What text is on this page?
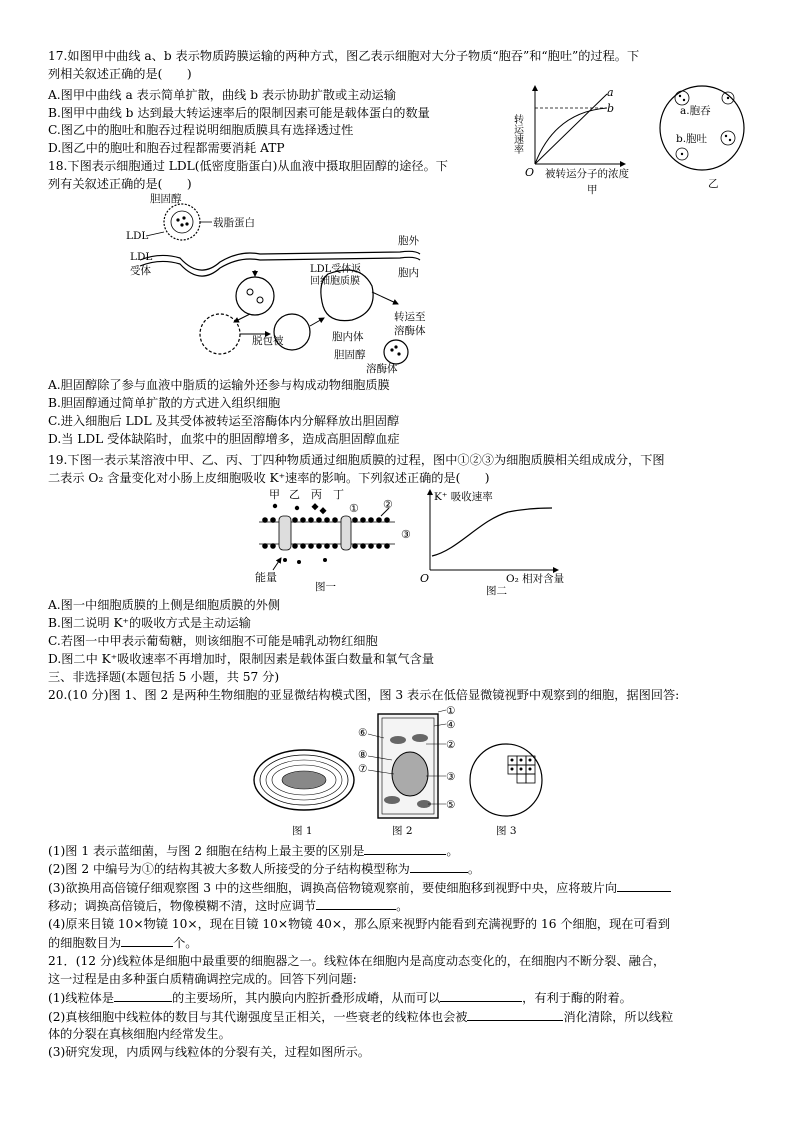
17.如图甲中曲线 a、b 表示物质跨膜运输的两种方式，图乙表示细胞对大分子物质“胞吞”和“胞吐”的过程。下
列相关叙述正确的是(　　)
A.图甲中曲线 a 表示简单扩散，曲线 b 表示协助扩散或主动运输
B.图甲中曲线 b 达到最大转运速率后的限制因素可能是载体蛋白的数量
C.图乙中的胞吐和胞吞过程说明细胞质膜具有选择透过性
D.图乙中的胞吐和胞吞过程都需要消耗 ATP	转运速率
a
b
O 被转运分子的浓度
甲
a.胞吞
b.胞吐
乙
18.下图表示细胞通过 LDL(低密度脂蛋白)从血液中摄取胆固醇的途径。下
列有关叙述正确的是(　　)
胆固醇
载脂蛋白
LDL
LDL
受体
胞外
胞内
脱包被
LDL受体返
回细胞质膜
胞内体
转运至
溶酶体
胆固醇
溶酶体
A.胆固醇除了参与血液中脂质的运输外还参与构成动物细胞质膜
B.胆固醇通过简单扩散的方式进入组织细胞
C.进入细胞后 LDL 及其受体被转运至溶酶体内分解释放出胆固醇
D.当 LDL 受体缺陷时，血浆中的胆固醇增多，造成高胆固醇血症
19.下图一表示某溶液中甲、乙、丙、丁四种物质通过细胞质膜的过程，图中①②③为细胞质膜相关组成成分，下图
二表示 O₂ 含量变化对小肠上皮细胞吸收 K⁺速率的影响。下列叙述正确的是(　　)
甲 乙 丙 丁
① ②
③
能量
图一
K⁺ 吸收速率
O	O₂ 相对含量
图二
A.图一中细胞质膜的上侧是细胞质膜的外侧
B.图二说明 K⁺的吸收方式是主动运输
C.若图一中甲表示葡萄糖，则该细胞不可能是哺乳动物红细胞
D.图二中 K⁺吸收速率不再增加时，限制因素是载体蛋白数量和氧气含量
三、非选择题(本题包括 5 小题，共 57 分)
20.(10 分)图 1、图 2 是两种生物细胞的亚显微结构模式图，图 3 表示在低倍显微镜视野中观察到的细胞，据图回答:
图 1
①
④
⑥
②
⑧
⑦
③
⑤
图 2	图 3
(1)图 1 表示蓝细菌，与图 2 细胞在结构上最主要的区别是	。
(2)图 2 中编号为①的结构其被大多数人所接受的分子结构模型称为	。
(3)欲换用高倍镜仔细观察图 3 中的这些细胞，调换高倍物镜观察前，要使细胞移到视野中央，应将玻片向
移动；调换高倍镜后，物像模糊不清，这时应调节	。
(4)原来目镜 10×物镜 10×，现在目镜 10×物镜 40×，那么原来视野内能看到充满视野的 16 个细胞，现在可看到
的细胞数目为	个。
21．(12 分)线粒体是细胞中最重要的细胞器之一。线粒体在细胞内是高度动态变化的，在细胞内不断分裂、融合，
这一过程是由多种蛋白质精确调控完成的。回答下列问题:
(1)线粒体是	的主要场所，其内膜向内腔折叠形成嵴，从而可以	，有利于酶的附着。
(2)真核细胞中线粒体的数目与其代谢强度呈正相关，一些衰老的线粒体也会被	消化清除，所以线粒
体的分裂在真核细胞内经常发生。
(3)研究发现，内质网与线粒体的分裂有关，过程如图所示。
